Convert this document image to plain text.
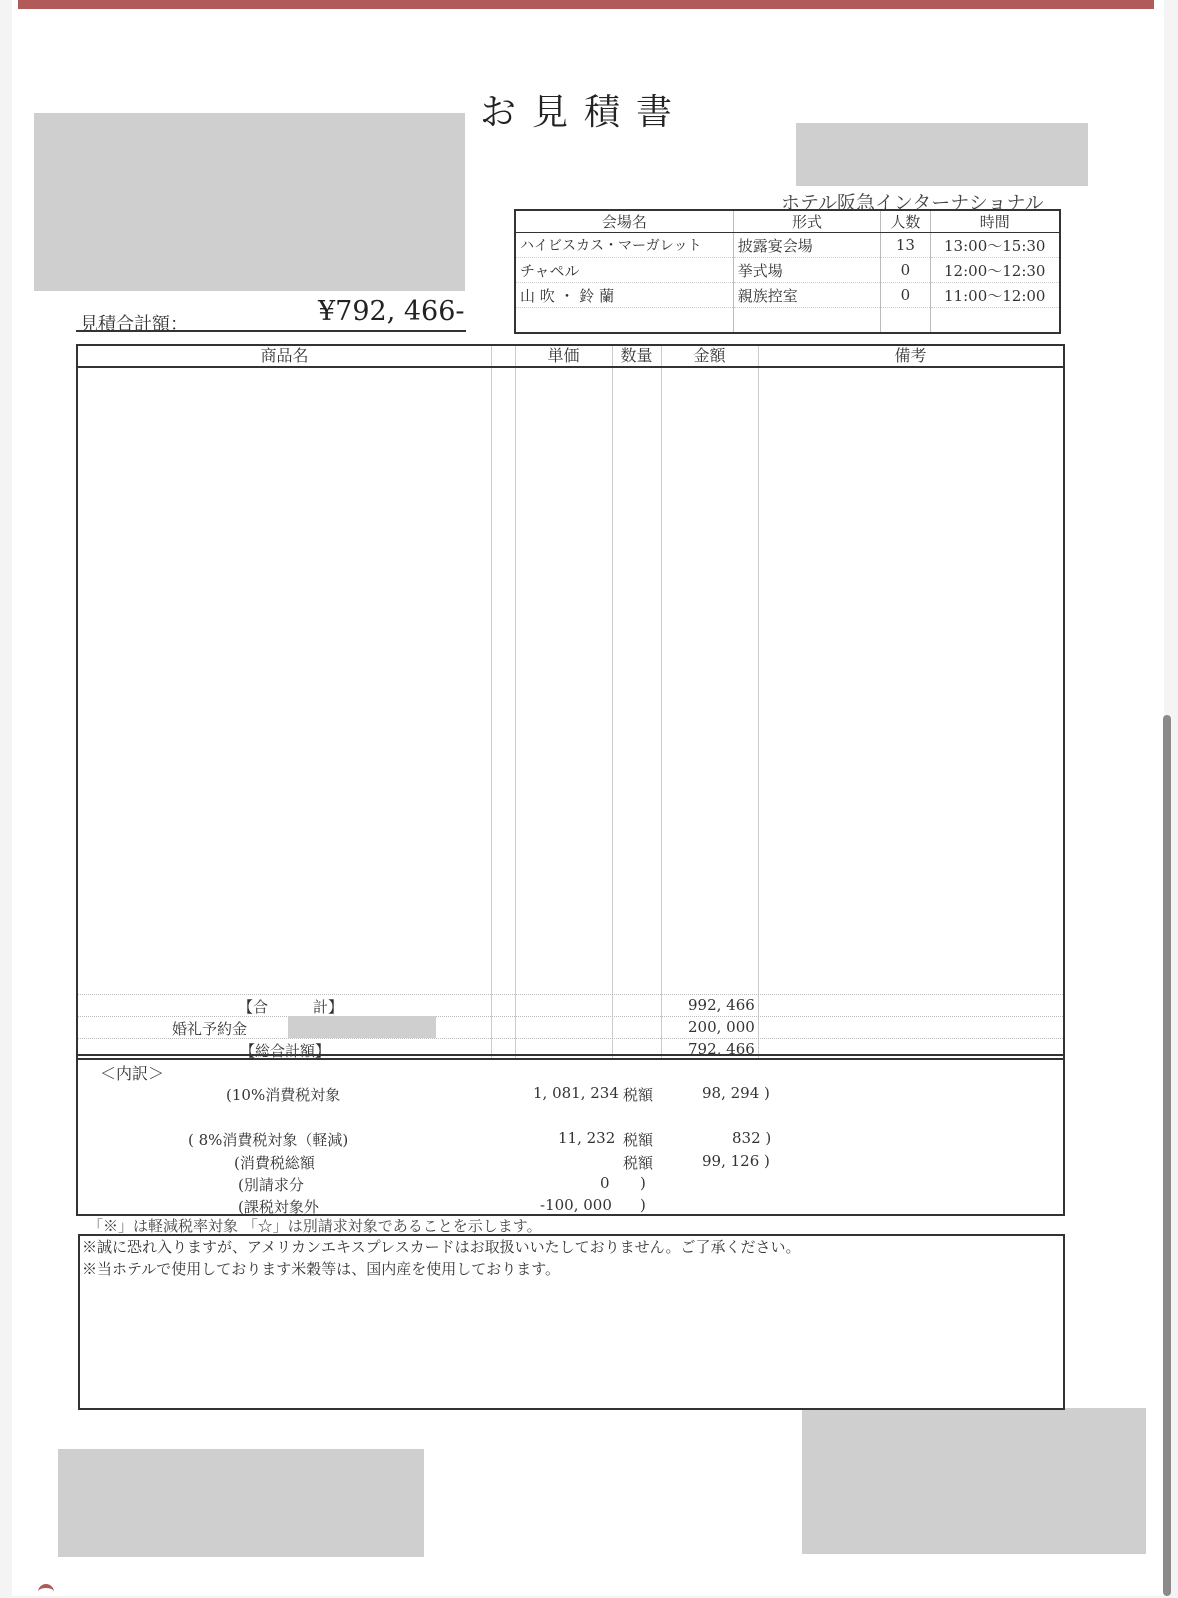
お見積書
ホテル阪急インターナショナル
見積合計額：	¥792, 466-
会場名	形式	人数	時間
ハイビスカス・マーガレット	披露宴会場	13	13:00〜15:30
チャペル	挙式場	0	12:00〜12:30
山 吹 ・ 鈴 蘭	親族控室	0	11:00〜12:00

商品名	単価	数量	金額	備考
【合　　　計】	992, 466
婚礼予約金	200, 000
【総合計額】	792, 466
＜内訳＞
(10%消費税対象	1, 081, 234 税額	98, 294 )
( 8%消費税対象（軽減)	11, 232 税額	832 )
(消費税総額	税額	99, 126 )
(別請求分	0 )
(課税対象外	-100, 000 )
「※」は軽減税率対象 「☆」は別請求対象であることを示します。
※誠に恐れ入りますが、アメリカンエキスプレスカードはお取扱いいたしておりません。ご了承ください。
※当ホテルで使用しております米穀等は、国内産を使用しております。
